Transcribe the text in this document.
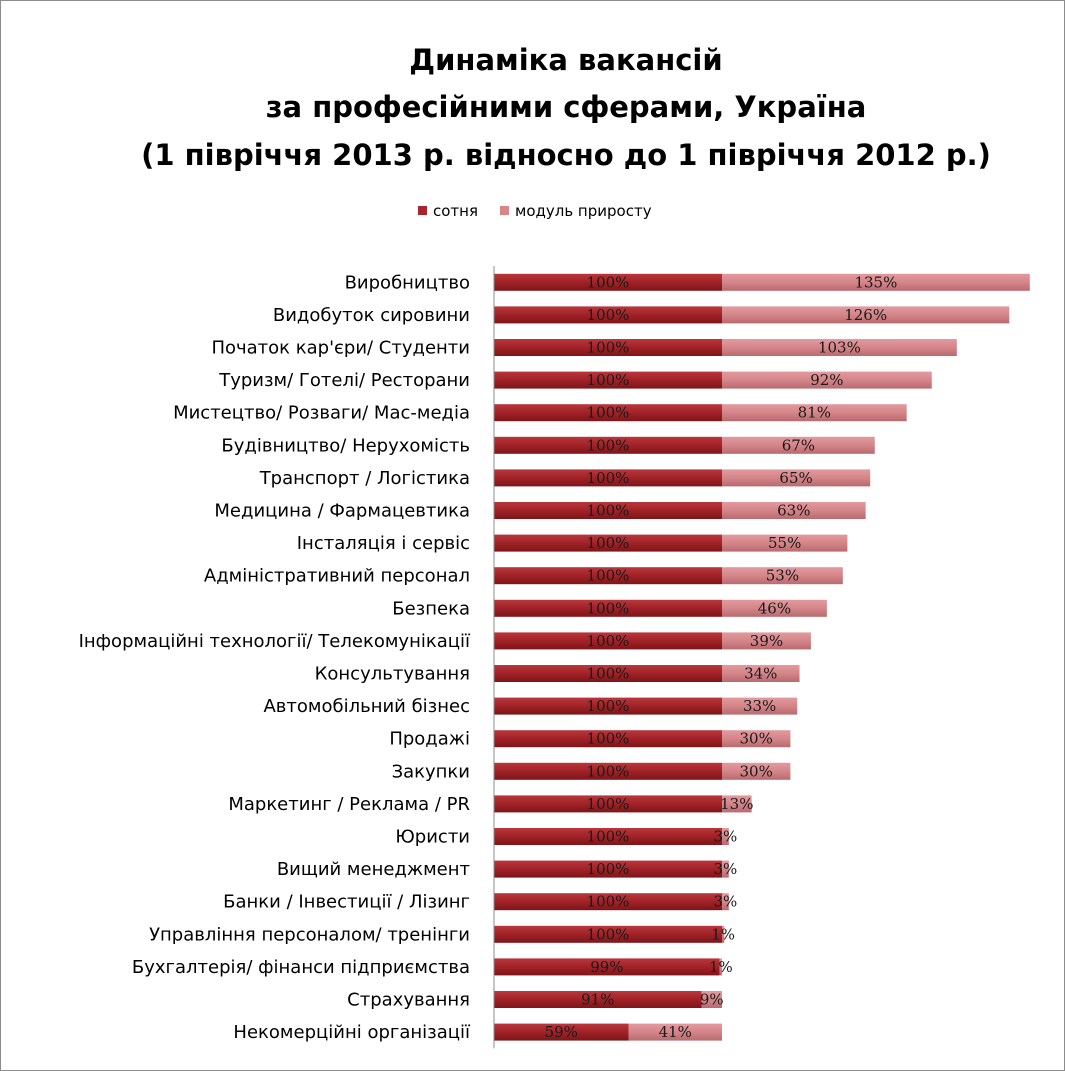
Динаміка вакансій
за професійними сферами, Україна
(1 півріччя 2013 р. відносно до 1 півріччя 2012 р.)
сотня модуль приросту
Виробництво	100%	135%
Видобуток сировини	100%	126%
Початок кар'єри/ Студенти	100%	103%
Туризм/ Готелі/ Ресторани	100%	92%
Мистецтво/ Розваги/ Мас-медіа	100%	81%
Будівництво/ Нерухомість	100%	67%
Транспорт / Логістика	100%	65%
Медицина / Фармацевтика	100%	63%
Інсталяція і сервіс	100%	55%
Адміністративний персонал	100%	53%
Безпека	100%	46%
Інформаційні технології/ Телекомунікації	100%	39%
Консультування	100%	34%
Автомобільний бізнес	100%	33%
Продажі	100%	30%
Закупки	100%	30%
Маркетинг / Реклама / PR	100%	13%
Юристи	100%	3%
Вищий менеджмент	100%	3%
Банки / Інвестиції / Лізинг	100%	3%
Управління персоналом/ тренінги	100%	1%
Бухгалтерія/ фінанси підприємства	99%	1%
Страхування	91%	9%
Некомерційні організації	59%	41%
